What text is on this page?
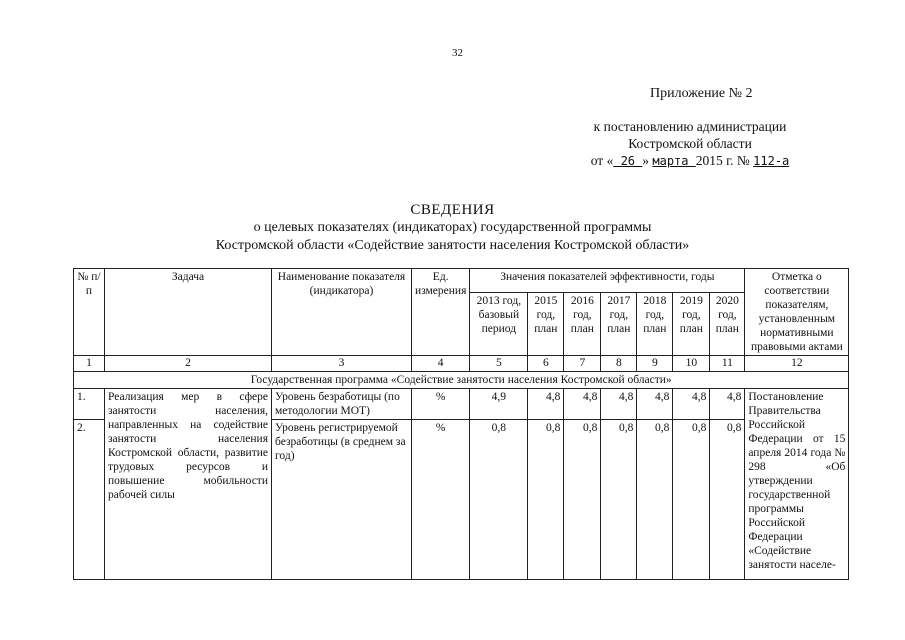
32
Приложение № 2
к постановлению администрации
Костромской области
от « 26 » марта 2015 г. № 112-а
СВЕДЕНИЯ
о целевых показателях (индикаторах) государственной программы
Костромской области «Содействие занятости населения Костромской области»
№ п/п	Задача	Наименование показателя (индикатора)	Ед. измерения	Значения показателей эффективности, годы							Отметка о соответствии показателям, установленным нормативными правовыми актами
				2013 год, базовый период	2015 год, план	2016 год, план	2017 год, план	2018 год, план	2019 год, план	2020 год, план	
1	2	3	4	5	6	7	8	9	10	11	12
Государственная программа «Содействие занятости населения Костромской области»											
1.	Реализация мер в сфере занятости населения, направленных на содействие занятости населения Костромской области, развитие трудовых ресурсов и повышение мобильности рабочей силы	Уровень безработицы (по методологии МОТ)	%	4,9	4,8	4,8	4,8	4,8	4,8	4,8	Постановление Правительства Российской Федерации от 15 апреля 2014 года № 298 «Об утверждении государственной программы Российской Федерации «Содействие занятости населе-
2.		Уровень регистрируемой безработицы (в среднем за год)	%	0,8	0,8	0,8	0,8	0,8	0,8	0,8	
